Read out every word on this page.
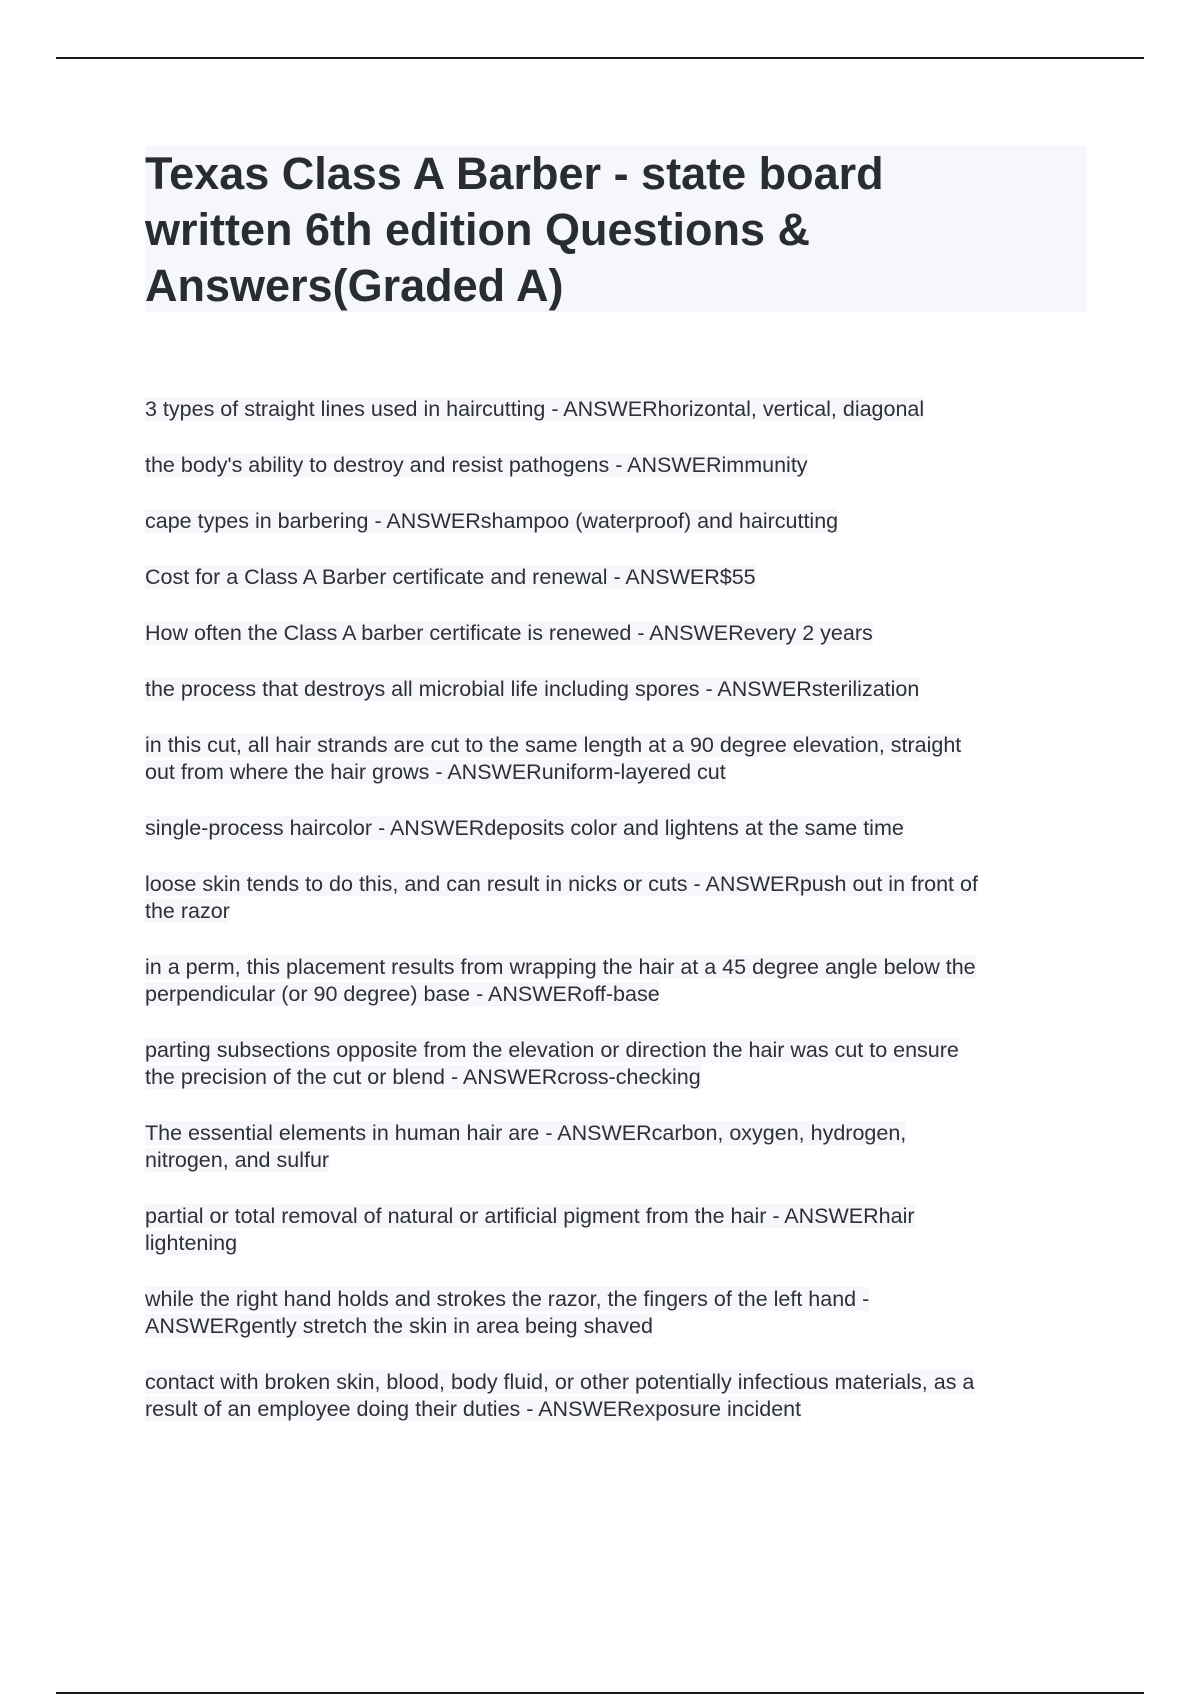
Texas Class A Barber - state board
written 6th edition Questions &
Answers(Graded A)
3 types of straight lines used in haircutting - ANSWERhorizontal, vertical, diagonal
the body's ability to destroy and resist pathogens - ANSWERimmunity
cape types in barbering - ANSWERshampoo (waterproof) and haircutting
Cost for a Class A Barber certificate and renewal - ANSWER$55
How often the Class A barber certificate is renewed - ANSWERevery 2 years
the process that destroys all microbial life including spores - ANSWERsterilization
in this cut, all hair strands are cut to the same length at a 90 degree elevation, straight
out from where the hair grows - ANSWERuniform-layered cut
single-process haircolor - ANSWERdeposits color and lightens at the same time
loose skin tends to do this, and can result in nicks or cuts - ANSWERpush out in front of
the razor
in a perm, this placement results from wrapping the hair at a 45 degree angle below the
perpendicular (or 90 degree) base - ANSWERoff-base
parting subsections opposite from the elevation or direction the hair was cut to ensure
the precision of the cut or blend - ANSWERcross-checking
The essential elements in human hair are - ANSWERcarbon, oxygen, hydrogen,
nitrogen, and sulfur
partial or total removal of natural or artificial pigment from the hair - ANSWERhair
lightening
while the right hand holds and strokes the razor, the fingers of the left hand -
ANSWERgently stretch the skin in area being shaved
contact with broken skin, blood, body fluid, or other potentially infectious materials, as a
result of an employee doing their duties - ANSWERexposure incident
